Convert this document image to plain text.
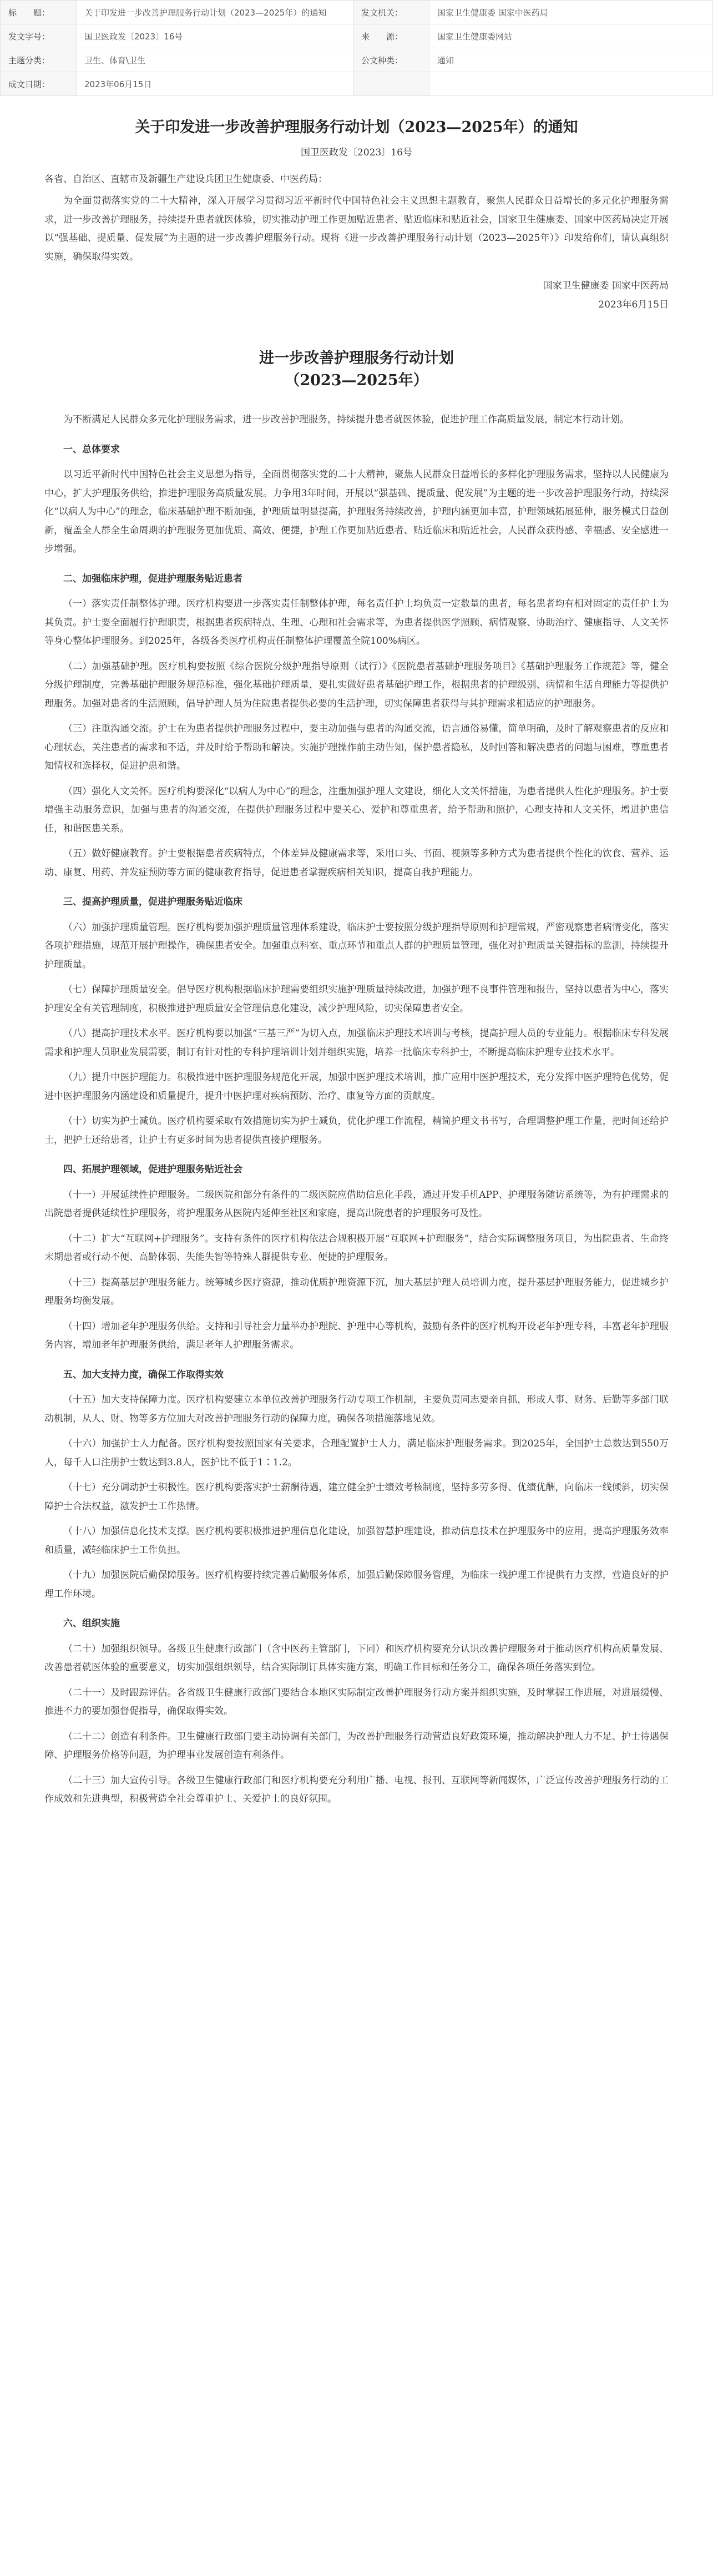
标　　题：	关于印发进一步改善护理服务行动计划（2023—2025年）的通知	发文机关：	国家卫生健康委 国家中医药局
发文字号：	国卫医政发〔2023〕16号	来　　源：	国家卫生健康委网站
主题分类：	卫生、体育\卫生	公文种类：	通知
成文日期：	2023年06月15日		
关于印发进一步改善护理服务行动计划（2023—2025年）的通知
国卫医政发〔2023〕16号

各省、自治区、直辖市及新疆生产建设兵团卫生健康委、中医药局：

为全面贯彻落实党的二十大精神，深入开展学习贯彻习近平新时代中国特色社会主义思想主题教育，聚焦人民群众日益增长的多元化护理服务需求，进一步改善护理服务，持续提升患者就医体验，切实推动护理工作更加贴近患者、贴近临床和贴近社会，国家卫生健康委、国家中医药局决定开展以“强基础、提质量、促发展”为主题的进一步改善护理服务行动。现将《进一步改善护理服务行动计划（2023—2025年）》印发给你们，请认真组织实施，确保取得实效。

国家卫生健康委 国家中医药局
2023年6月15日
进一步改善护理服务行动计划
（2023—2025年）

为不断满足人民群众多元化护理服务需求，进一步改善护理服务，持续提升患者就医体验，促进护理工作高质量发展，制定本行动计划。

一、总体要求

以习近平新时代中国特色社会主义思想为指导，全面贯彻落实党的二十大精神，聚焦人民群众日益增长的多样化护理服务需求，坚持以人民健康为中心，扩大护理服务供给，推进护理服务高质量发展。力争用3年时间，开展以“强基础、提质量、促发展”为主题的进一步改善护理服务行动，持续深化“以病人为中心”的理念，临床基础护理不断加强，护理质量明显提高，护理服务持续改善，护理内涵更加丰富，护理领域拓展延伸，服务模式日益创新，覆盖全人群全生命周期的护理服务更加优质、高效、便捷，护理工作更加贴近患者、贴近临床和贴近社会，人民群众获得感、幸福感、安全感进一步增强。

二、加强临床护理，促进护理服务贴近患者

（一）落实责任制整体护理。医疗机构要进一步落实责任制整体护理，每名责任护士均负责一定数量的患者，每名患者均有相对固定的责任护士为其负责。护士要全面履行护理职责，根据患者疾病特点、生理、心理和社会需求等，为患者提供医学照顾、病情观察、协助治疗、健康指导、人文关怀等身心整体护理服务。到2025年，各级各类医疗机构责任制整体护理覆盖全院100%病区。

（二）加强基础护理。医疗机构要按照《综合医院分级护理指导原则（试行）》《医院患者基础护理服务项目》《基础护理服务工作规范》等，健全分级护理制度，完善基础护理服务规范标准，强化基础护理质量，要扎实做好患者基础护理工作，根据患者的护理级别、病情和生活自理能力等提供护理服务。加强对患者的生活照顾，倡导护理人员为住院患者提供必要的生活护理，切实保障患者获得与其护理需求相适应的护理服务。

（三）注重沟通交流。护士在为患者提供护理服务过程中，要主动加强与患者的沟通交流，语言通俗易懂，简单明确，及时了解观察患者的反应和心理状态，关注患者的需求和不适，并及时给予帮助和解决。实施护理操作前主动告知，保护患者隐私，及时回答和解决患者的问题与困难，尊重患者知情权和选择权，促进护患和谐。

（四）强化人文关怀。医疗机构要深化“以病人为中心”的理念，注重加强护理人文建设，细化人文关怀措施，为患者提供人性化护理服务。护士要增强主动服务意识，加强与患者的沟通交流，在提供护理服务过程中要关心、爱护和尊重患者，给予帮助和照护，心理支持和人文关怀，增进护患信任，和谐医患关系。

（五）做好健康教育。护士要根据患者疾病特点，个体差异及健康需求等，采用口头、书面、视频等多种方式为患者提供个性化的饮食、营养、运动、康复、用药、并发症预防等方面的健康教育指导，促进患者掌握疾病相关知识，提高自我护理能力。

三、提高护理质量，促进护理服务贴近临床

（六）加强护理质量管理。医疗机构要加强护理质量管理体系建设，临床护士要按照分级护理指导原则和护理常规，严密观察患者病情变化，落实各项护理措施，规范开展护理操作，确保患者安全。加强重点科室、重点环节和重点人群的护理质量管理，强化对护理质量关键指标的监测，持续提升护理质量。

（七）保障护理质量安全。倡导医疗机构根据临床护理需要组织实施护理质量持续改进，加强护理不良事件管理和报告，坚持以患者为中心，落实护理安全有关管理制度，积极推进护理质量安全管理信息化建设，减少护理风险，切实保障患者安全。

（八）提高护理技术水平。医疗机构要以加强“三基三严”为切入点，加强临床护理技术培训与考核，提高护理人员的专业能力。根据临床专科发展需求和护理人员职业发展需要，制订有针对性的专科护理培训计划并组织实施，培养一批临床专科护士，不断提高临床护理专业技术水平。

（九）提升中医护理能力。积极推进中医护理服务规范化开展，加强中医护理技术培训，推广应用中医护理技术，充分发挥中医护理特色优势，促进中医护理服务内涵建设和质量提升，提升中医护理对疾病预防、治疗、康复等方面的贡献度。

（十）切实为护士减负。医疗机构要采取有效措施切实为护士减负，优化护理工作流程，精简护理文书书写，合理调整护理工作量，把时间还给护士，把护士还给患者，让护士有更多时间为患者提供直接护理服务。

四、拓展护理领域，促进护理服务贴近社会

（十一）开展延续性护理服务。二级医院和部分有条件的二级医院应借助信息化手段，通过开发手机APP、护理服务随访系统等，为有护理需求的出院患者提供延续性护理服务，将护理服务从医院内延伸至社区和家庭，提高出院患者的护理服务可及性。

（十二）扩大“互联网+护理服务”。支持有条件的医疗机构依法合规积极开展“互联网+护理服务”，结合实际调整服务项目，为出院患者、生命终末期患者或行动不便、高龄体弱、失能失智等特殊人群提供专业、便捷的护理服务。

（十三）提高基层护理服务能力。统筹城乡医疗资源，推动优质护理资源下沉，加大基层护理人员培训力度，提升基层护理服务能力，促进城乡护理服务均衡发展。

（十四）增加老年护理服务供给。支持和引导社会力量举办护理院、护理中心等机构，鼓励有条件的医疗机构开设老年护理专科，丰富老年护理服务内容，增加老年护理服务供给，满足老年人护理服务需求。

五、加大支持力度，确保工作取得实效

（十五）加大支持保障力度。医疗机构要建立本单位改善护理服务行动专项工作机制，主要负责同志要亲自抓，形成人事、财务、后勤等多部门联动机制，从人、财、物等多方位加大对改善护理服务行动的保障力度，确保各项措施落地见效。

（十六）加强护士人力配备。医疗机构要按照国家有关要求，合理配置护士人力，满足临床护理服务需求。到2025年，全国护士总数达到550万人，每千人口注册护士数达到3.8人，医护比不低于1∶1.2。

（十七）充分调动护士积极性。医疗机构要落实护士薪酬待遇，建立健全护士绩效考核制度，坚持多劳多得、优绩优酬，向临床一线倾斜，切实保障护士合法权益，激发护士工作热情。

（十八）加强信息化技术支撑。医疗机构要积极推进护理信息化建设，加强智慧护理建设，推动信息技术在护理服务中的应用，提高护理服务效率和质量，减轻临床护士工作负担。

（十九）加强医院后勤保障服务。医疗机构要持续完善后勤服务体系，加强后勤保障服务管理，为临床一线护理工作提供有力支撑，营造良好的护理工作环境。

六、组织实施

（二十）加强组织领导。各级卫生健康行政部门（含中医药主管部门，下同）和医疗机构要充分认识改善护理服务对于推动医疗机构高质量发展、改善患者就医体验的重要意义，切实加强组织领导，结合实际制订具体实施方案，明确工作目标和任务分工，确保各项任务落实到位。

（二十一）及时跟踪评估。各省级卫生健康行政部门要结合本地区实际制定改善护理服务行动方案并组织实施，及时掌握工作进展，对进展缓慢、推进不力的要加强督促指导，确保取得实效。

（二十二）创造有利条件。卫生健康行政部门要主动协调有关部门，为改善护理服务行动营造良好政策环境，推动解决护理人力不足、护士待遇保障、护理服务价格等问题，为护理事业发展创造有利条件。

（二十三）加大宣传引导。各级卫生健康行政部门和医疗机构要充分利用广播、电视、报刊、互联网等新闻媒体，广泛宣传改善护理服务行动的工作成效和先进典型，积极营造全社会尊重护士、关爱护士的良好氛围。
